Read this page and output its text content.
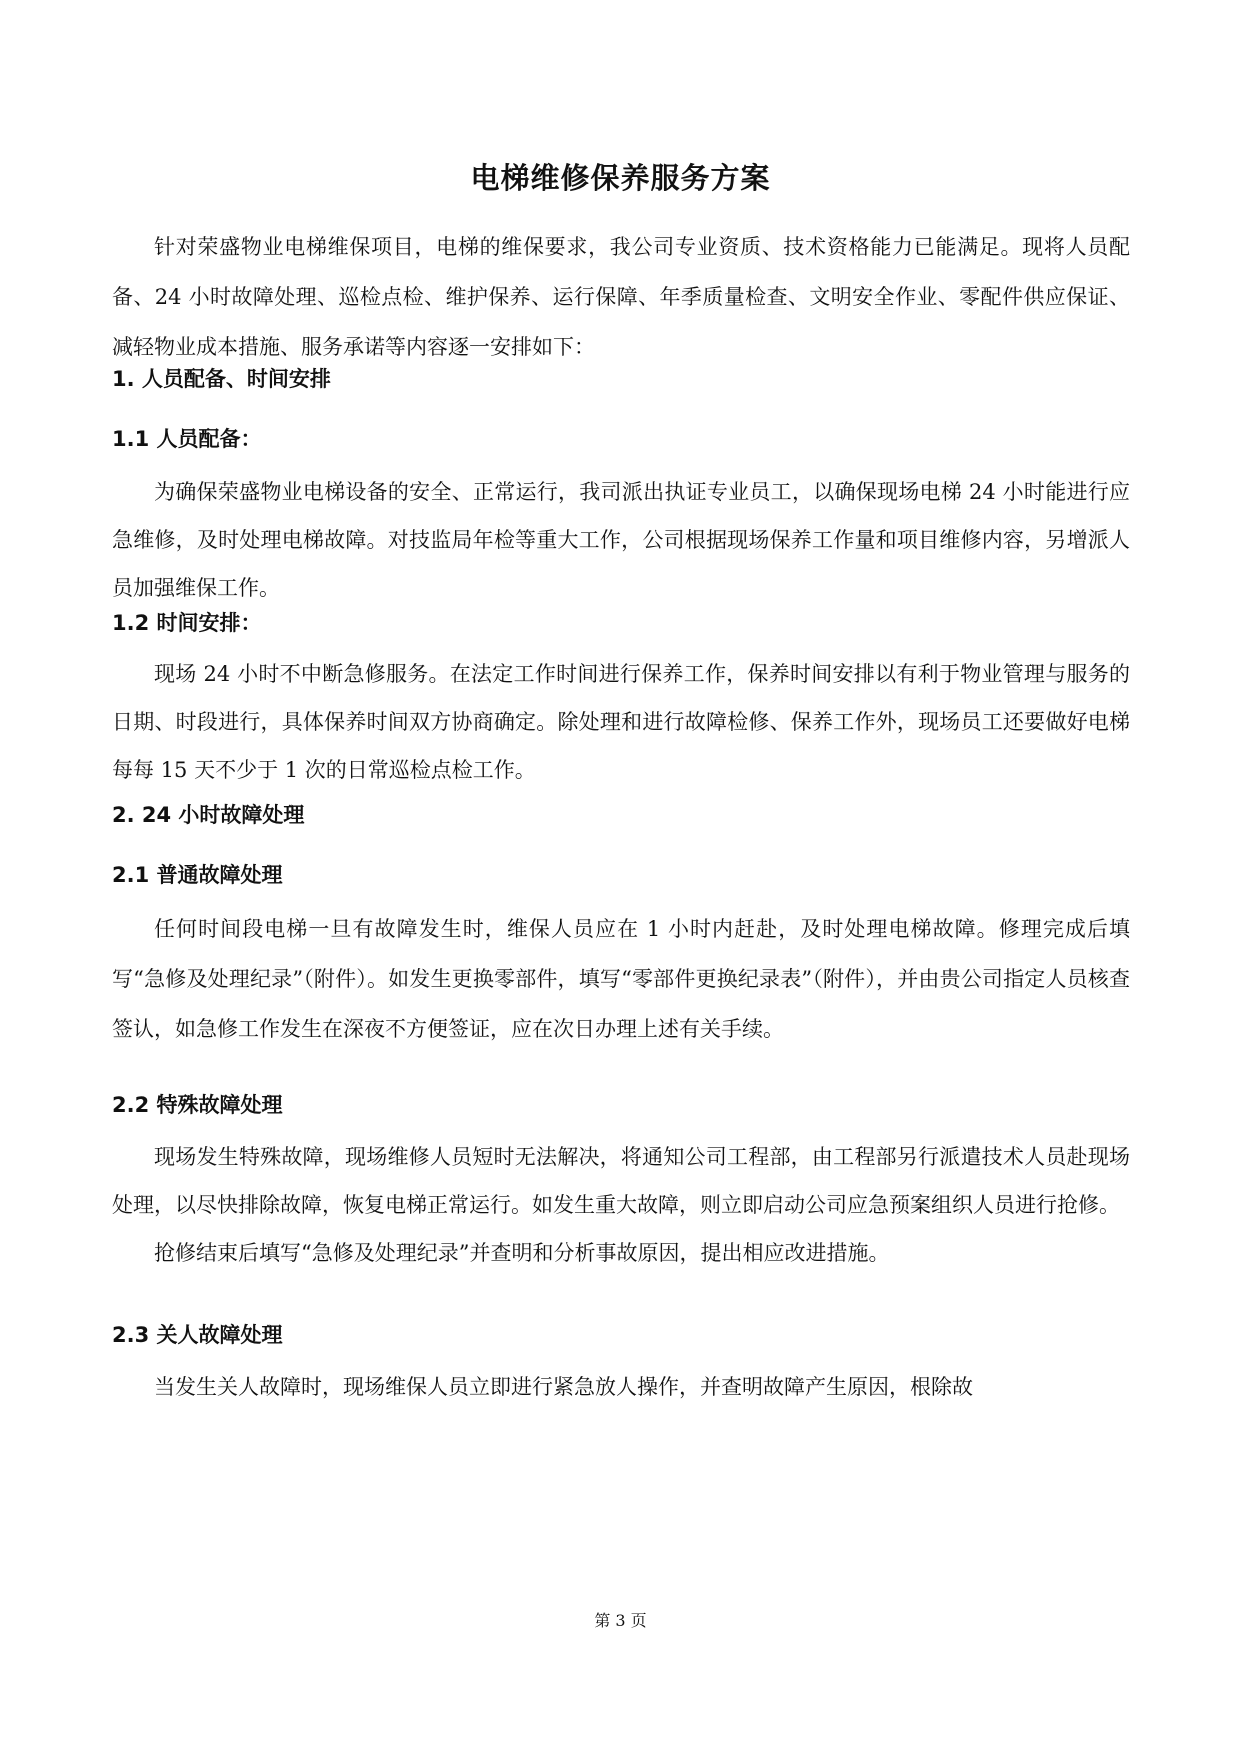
电梯维修保养服务方案

针对荣盛物业电梯维保项目，电梯的维保要求，我公司专业资质、技术资格能力已能满足。现将人员配备、24 小时故障处理、巡检点检、维护保养、运行保障、年季质量检查、文明安全作业、零配件供应保证、减轻物业成本措施、服务承诺等内容逐一安排如下：

1. 人员配备、时间安排

1.1 人员配备：

为确保荣盛物业电梯设备的安全、正常运行，我司派出执证专业员工，以确保现场电梯 24 小时能进行应急维修，及时处理电梯故障。对技监局年检等重大工作，公司根据现场保养工作量和项目维修内容，另增派人员加强维保工作。

1.2 时间安排：

现场 24 小时不中断急修服务。在法定工作时间进行保养工作，保养时间安排以有利于物业管理与服务的日期、时段进行，具体保养时间双方协商确定。除处理和进行故障检修、保养工作外，现场员工还要做好电梯每每 15 天不少于 1 次的日常巡检点检工作。

2. 24 小时故障处理

2.1 普通故障处理

任何时间段电梯一旦有故障发生时，维保人员应在 1 小时内赶赴，及时处理电梯故障。修理完成后填写“急修及处理纪录”（附件）。如发生更换零部件，填写“零部件更换纪录表”（附件），并由贵公司指定人员核查签认，如急修工作发生在深夜不方便签证，应在次日办理上述有关手续。

2.2 特殊故障处理

现场发生特殊故障，现场维修人员短时无法解决，将通知公司工程部，由工程部另行派遣技术人员赴现场处理，以尽快排除故障，恢复电梯正常运行。如发生重大故障，则立即启动公司应急预案组织人员进行抢修。

抢修结束后填写“急修及处理纪录”并查明和分析事故原因，提出相应改进措施。

2.3 关人故障处理

当发生关人故障时，现场维保人员立即进行紧急放人操作，并查明故障产生原因，根除故

第 3 页
